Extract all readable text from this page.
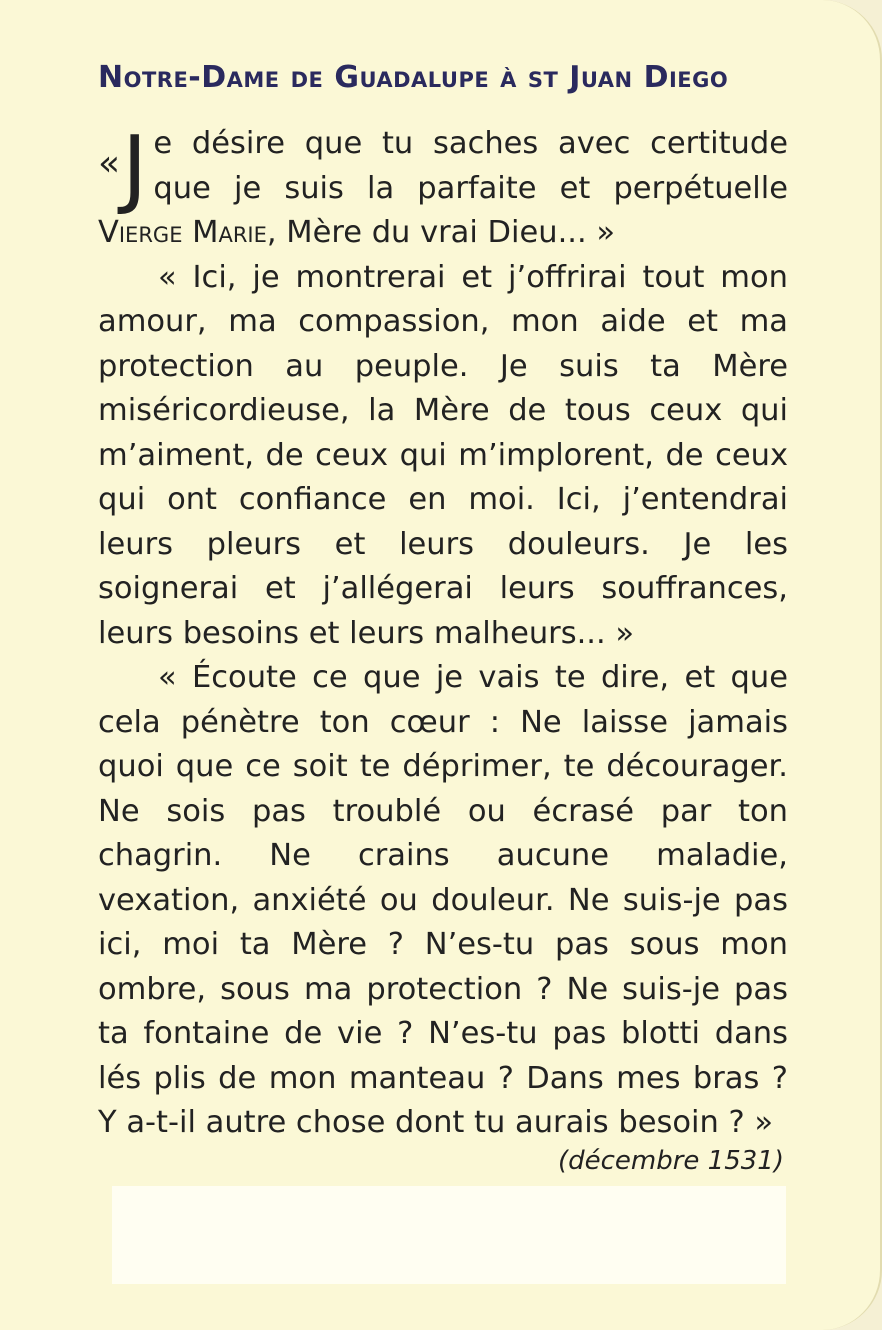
Notre-Dame de Guadalupe à st Juan Diego

« J e désire que tu saches avec certitude que je suis la parfaite et perpétuelle Vierge Marie, Mère du vrai Dieu... »

« Ici, je montrerai et j’offrirai tout mon amour, ma compassion, mon aide et ma protection au peuple. Je suis ta Mère miséricordieuse, la Mère de tous ceux qui m’aiment, de ceux qui m’implorent, de ceux qui ont confiance en moi. Ici, j’entendrai leurs pleurs et leurs douleurs. Je les soignerai et j’allégerai leurs souffrances, leurs besoins et leurs malheurs... »

« Écoute ce que je vais te dire, et que cela pénètre ton cœur : Ne laisse jamais quoi que ce soit te déprimer, te décourager. Ne sois pas troublé ou écrasé par ton chagrin. Ne crains aucune maladie, vexation, anxiété ou douleur. Ne suis-je pas ici, moi ta Mère ? N’es-tu pas sous mon ombre, sous ma protection ? Ne suis-je pas ta fontaine de vie ? N’es-tu pas blotti dans lés plis de mon manteau ? Dans mes bras ? Y a-t-il autre chose dont tu aurais besoin ? »

(décembre 1531)
